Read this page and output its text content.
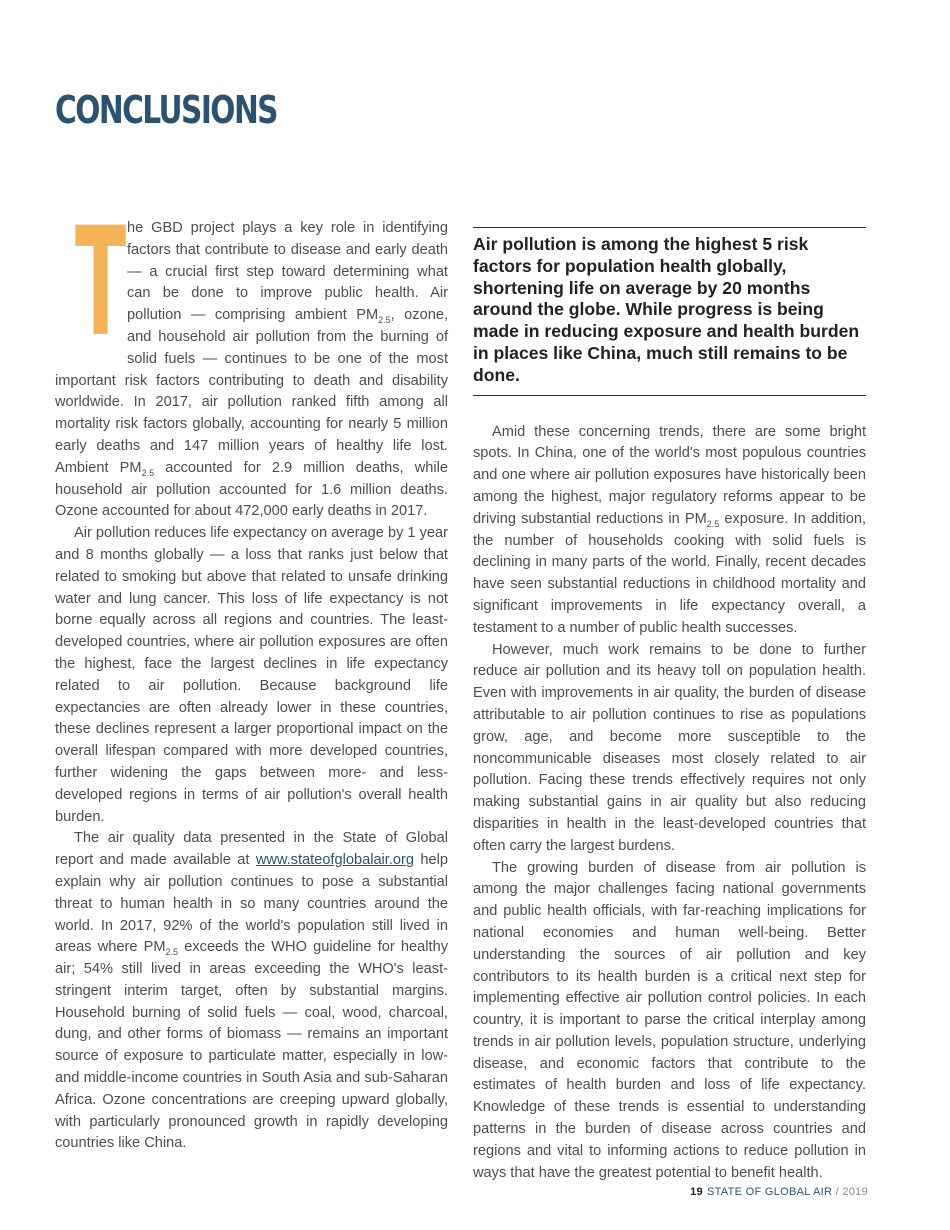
CONCLUSIONS

T he GBD project plays a key role in identifying factors that contribute to disease and early death — a crucial first step toward determining what can be done to improve public health. Air pollution — comprising ambient $PM_{2.5}$, ozone, and household air pollution from the burning of solid fuels — continues to be one of the most important risk factors contributing to death and disability worldwide. In 2017, air pollution ranked fifth among all mortality risk factors globally, accounting for nearly 5 million early deaths and 147 million years of healthy life lost. Ambient $PM_{2.5}$ accounted for 2.9 million deaths, while household air pollution accounted for 1.6 million deaths. Ozone accounted for about 472,000 early deaths in 2017.

Air pollution reduces life expectancy on average by 1 year and 8 months globally — a loss that ranks just below that related to smoking but above that related to unsafe drinking water and lung cancer. This loss of life expectancy is not borne equally across all regions and countries. The least-developed countries, where air pollution exposures are often the highest, face the largest declines in life expectancy related to air pollution. Because background life expectancies are often already lower in these countries, these declines represent a larger proportional impact on the overall lifespan compared with more developed countries, further widening the gaps between more- and less-developed regions in terms of air pollution's overall health burden.

The air quality data presented in the State of Global report and made available at www.stateofglobalair.org help explain why air pollution continues to pose a substantial threat to human health in so many countries around the world. In 2017, 92% of the world's population still lived in areas where $PM_{2.5}$ exceeds the WHO guideline for healthy air; 54% still lived in areas exceeding the WHO's least-stringent interim target, often by substantial margins. Household burning of solid fuels — coal, wood, charcoal, dung, and other forms of biomass — remains an important source of exposure to particulate matter, especially in low- and middle-income countries in South Asia and sub-Saharan Africa. Ozone concentrations are creeping upward globally, with particularly pronounced growth in rapidly developing countries like China.

Air pollution is among the highest 5 risk factors for population health globally, shortening life on average by 20 months around the globe. While progress is being made in reducing exposure and health burden in places like China, much still remains to be done.

Amid these concerning trends, there are some bright spots. In China, one of the world's most populous countries and one where air pollution exposures have historically been among the highest, major regulatory reforms appear to be driving substantial reductions in $PM_{2.5}$ exposure. In addition, the number of households cooking with solid fuels is declining in many parts of the world. Finally, recent decades have seen substantial reductions in childhood mortality and significant improvements in life expectancy overall, a testament to a number of public health successes.

However, much work remains to be done to further reduce air pollution and its heavy toll on population health. Even with improvements in air quality, the burden of disease attributable to air pollution continues to rise as populations grow, age, and become more susceptible to the noncommunicable diseases most closely related to air pollution. Facing these trends effectively requires not only making substantial gains in air quality but also reducing disparities in health in the least-developed countries that often carry the largest burdens.

The growing burden of disease from air pollution is among the major challenges facing national governments and public health officials, with far-reaching implications for national economies and human well-being. Better understanding the sources of air pollution and key contributors to its health burden is a critical next step for implementing effective air pollution control policies. In each country, it is important to parse the critical interplay among trends in air pollution levels, population structure, underlying disease, and economic factors that contribute to the estimates of health burden and loss of life expectancy. Knowledge of these trends is essential to understanding patterns in the burden of disease across countries and regions and vital to informing actions to reduce pollution in ways that have the greatest potential to benefit health.

19 STATE OF GLOBAL AIR / 2019
